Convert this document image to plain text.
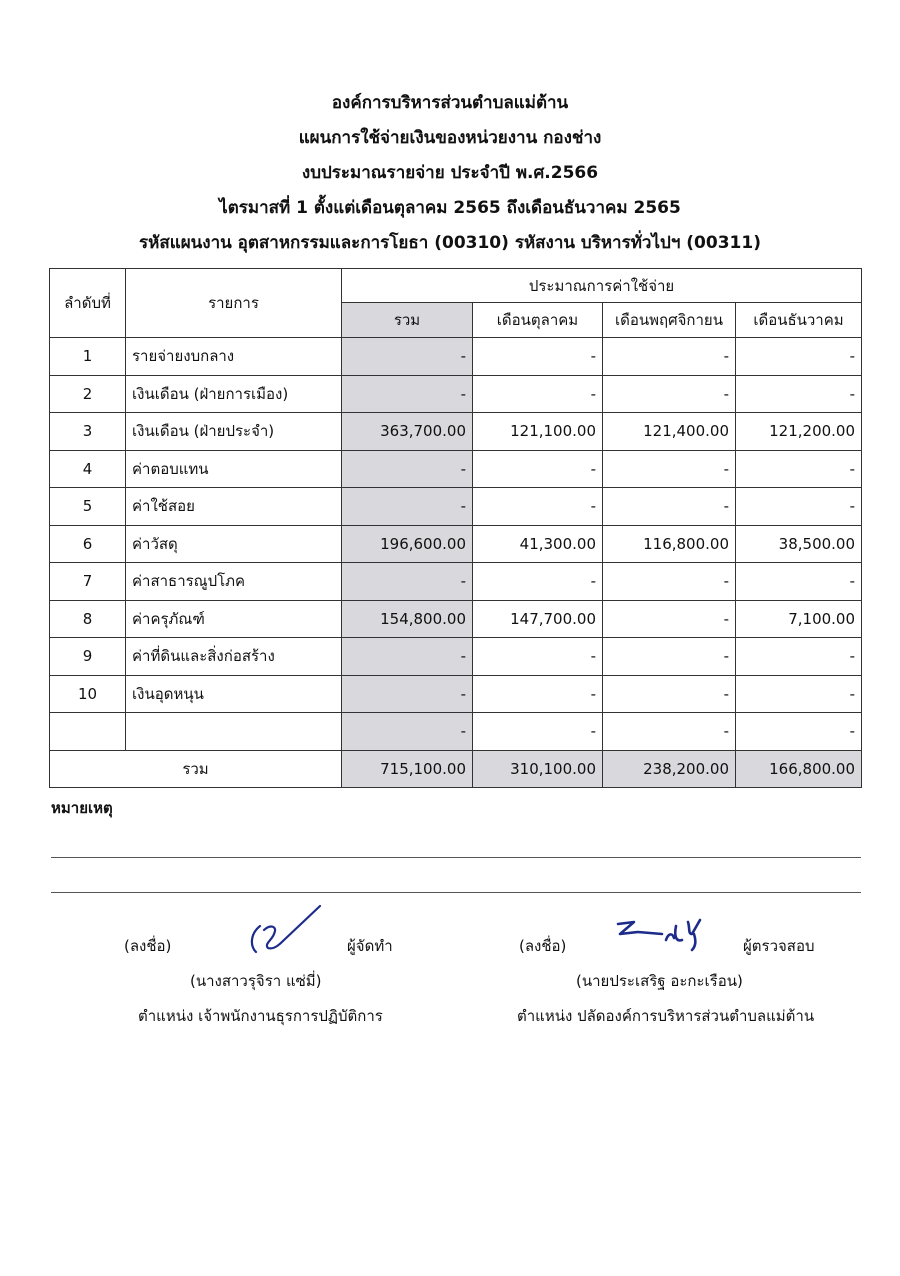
องค์การบริหารส่วนตำบลแม่ต้าน
แผนการใช้จ่ายเงินของหน่วยงาน กองช่าง
งบประมาณรายจ่าย ประจำปี พ.ศ.2566
ไตรมาสที่ 1 ตั้งแต่เดือนตุลาคม 2565 ถึงเดือนธันวาคม 2565
รหัสแผนงาน อุตสาหกรรมและการโยธา (00310) รหัสงาน บริหารทั่วไปฯ (00311)
ลำดับที่	รายการ	ประมาณการค่าใช้จ่าย			
		รวม	เดือนตุลาคม	เดือนพฤศจิกายน	เดือนธันวาคม
1	รายจ่ายงบกลาง	-	-	-	-
2	เงินเดือน (ฝ่ายการเมือง)	-	-	-	-
3	เงินเดือน (ฝ่ายประจำ)	363,700.00	121,100.00	121,400.00	121,200.00
4	ค่าตอบแทน	-	-	-	-
5	ค่าใช้สอย	-	-	-	-
6	ค่าวัสดุ	196,600.00	41,300.00	116,800.00	38,500.00
7	ค่าสาธารณูปโภค	-	-	-	-
8	ค่าครุภัณฑ์	154,800.00	147,700.00	-	7,100.00
9	ค่าที่ดินและสิ่งก่อสร้าง	-	-	-	-
10	เงินอุดหนุน	-	-	-	-
		-	-	-	-
รวม		715,100.00	310,100.00	238,200.00	166,800.00
หมายเหตุ
(ลงชื่อ)	ผู้จัดทำ
(นางสาวรุจิรา แซ่มี่)
ตำแหน่ง เจ้าพนักงานธุรการปฏิบัติการ
(ลงชื่อ)	ผู้ตรวจสอบ
(นายประเสริฐ อะกะเรือน)
ตำแหน่ง ปลัดองค์การบริหารส่วนตำบลแม่ต้าน
